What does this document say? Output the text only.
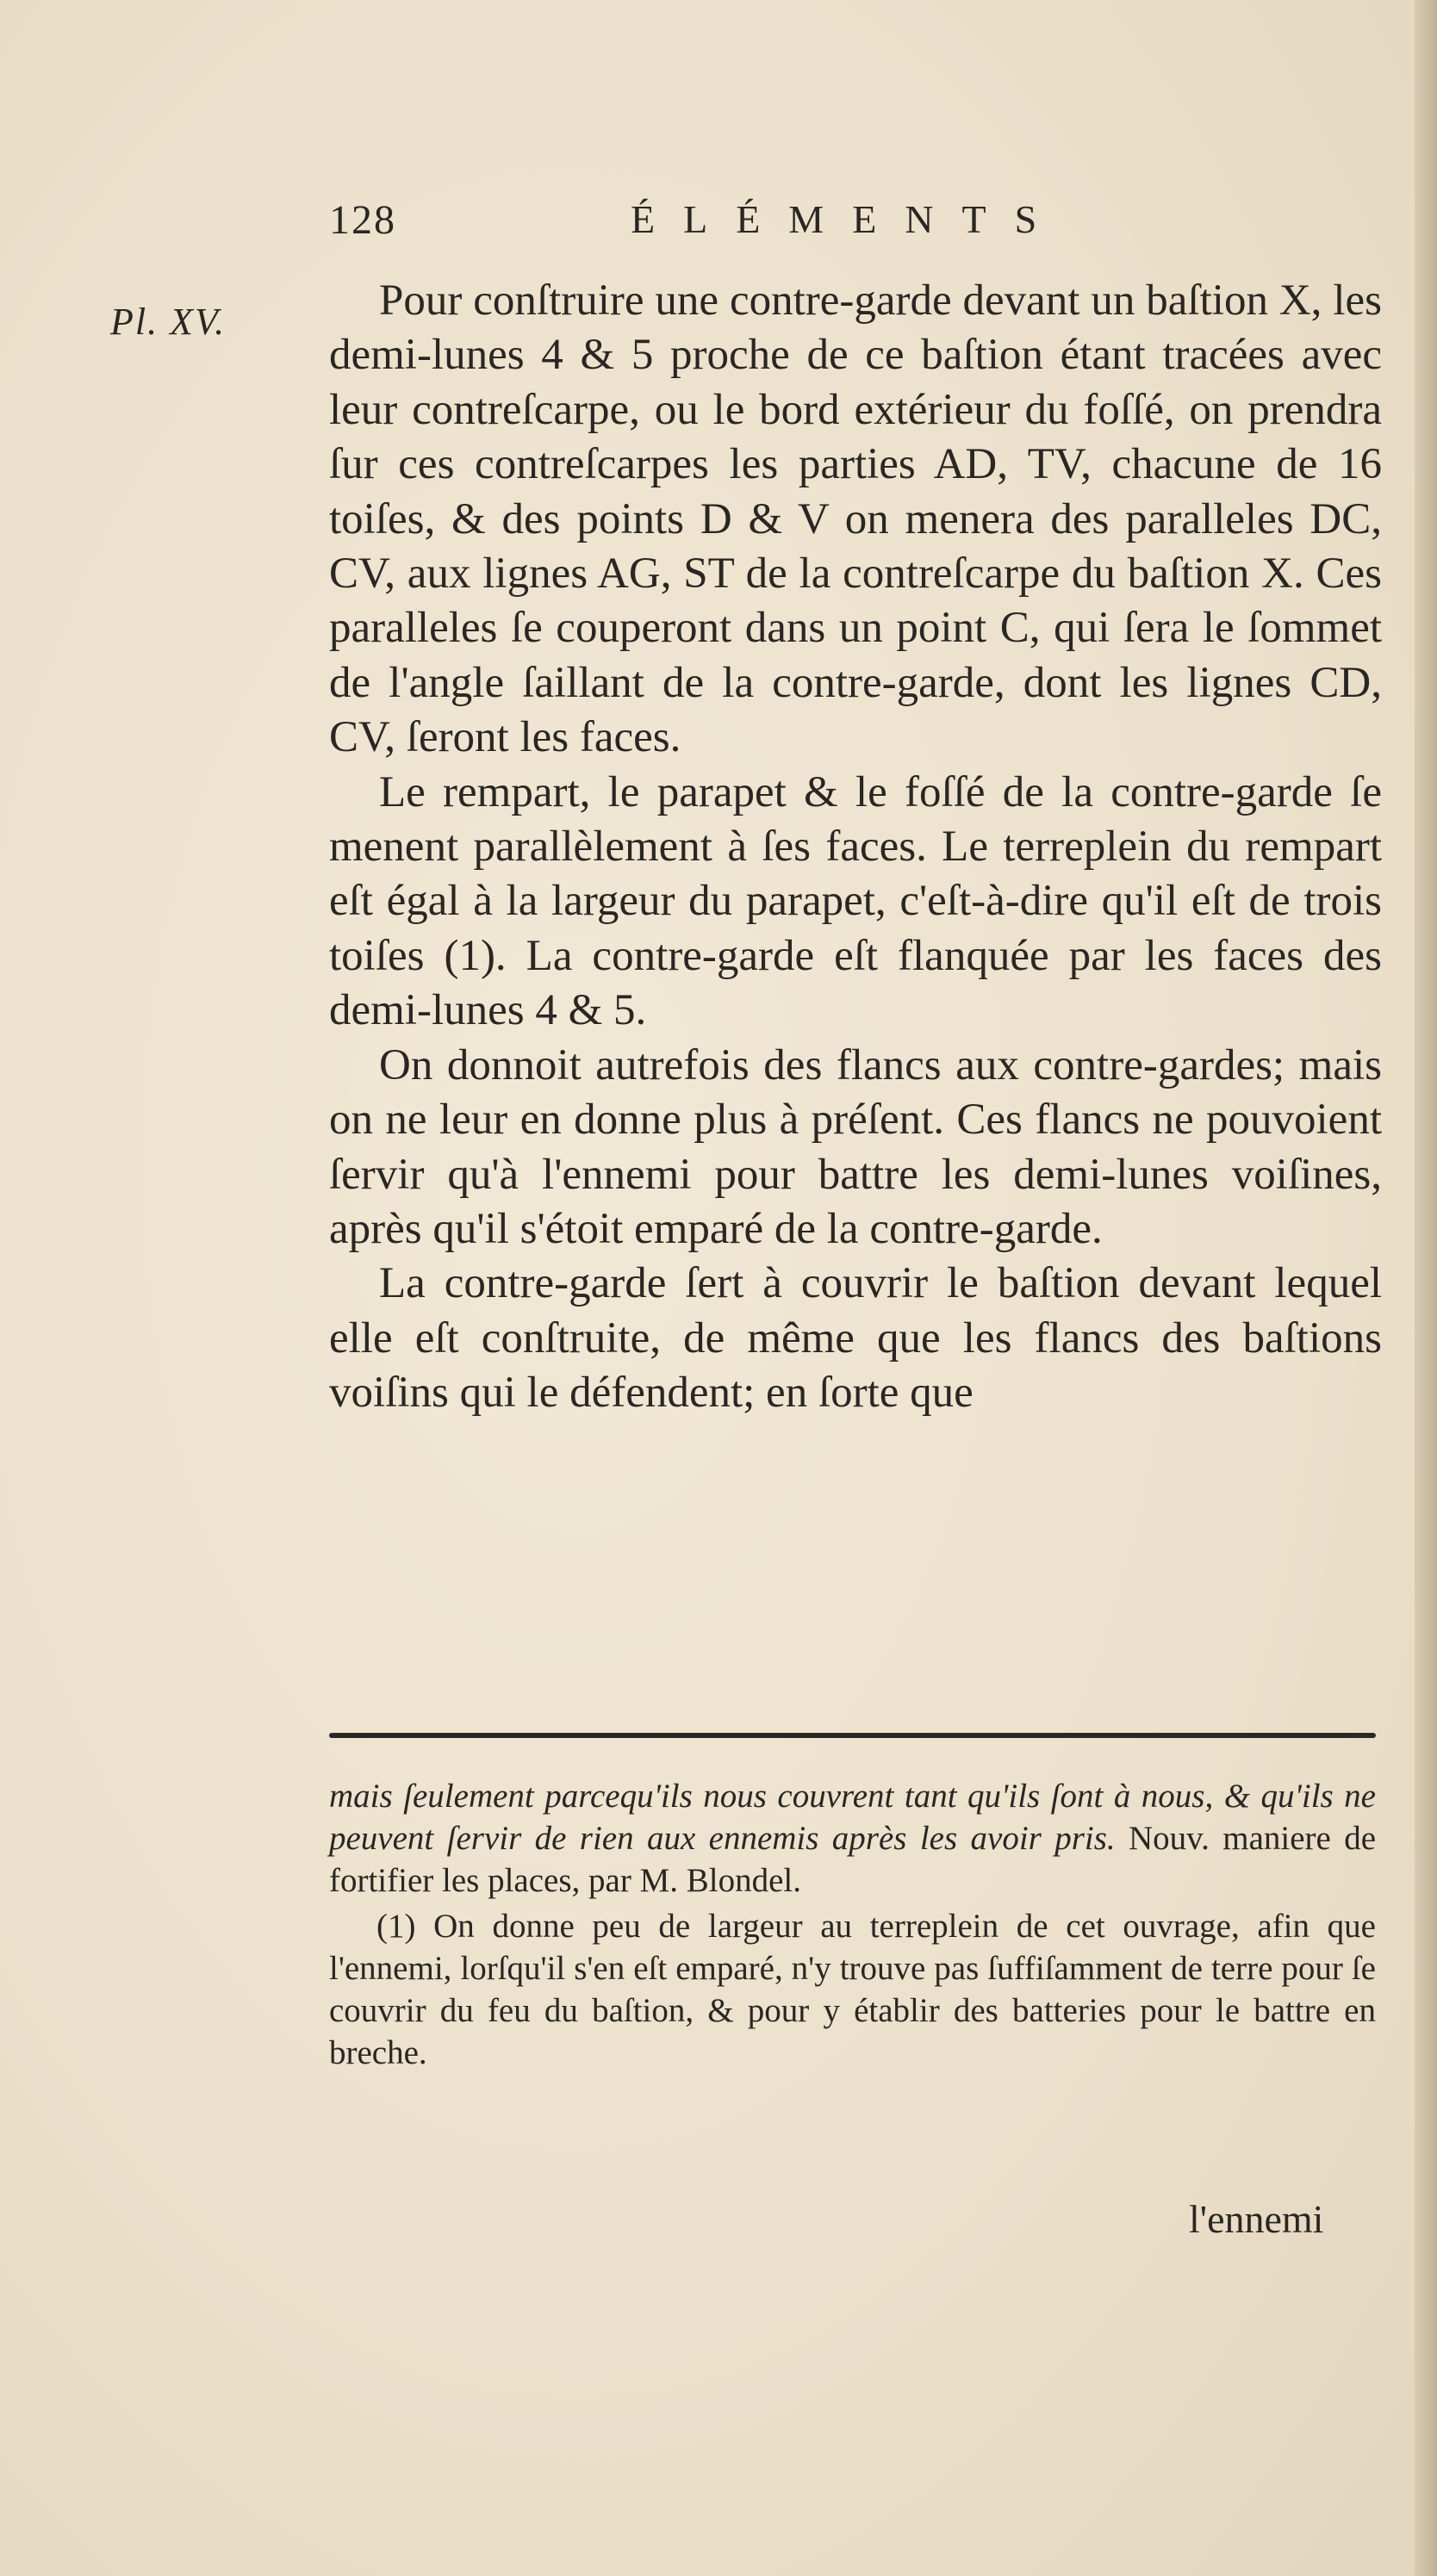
128	ÉLÉMENTS
Pl. XV.	Pour conſtruire une contre-garde devant un baſtion X, les demi-lunes 4 & 5 proche de ce baſtion étant tracées avec leur contreſcarpe, ou le bord extérieur du foſſé, on prendra ſur ces contreſcarpes les parties AD, TV, chacune de 16 toiſes, & des points D & V on menera des paralleles DC, CV, aux lignes AG, ST de la contreſcarpe du baſtion X. Ces paralleles ſe couperont dans un point C, qui ſera le ſommet de l'angle ſaillant de la contre-garde, dont les lignes CD, CV, ſeront les faces.

Le rempart, le parapet & le foſſé de la contre-garde ſe menent parallèlement à ſes faces. Le terreplein du rempart eſt égal à la largeur du parapet, c'eſt-à-dire qu'il eſt de trois toiſes (1). La contre-garde eſt flanquée par les faces des demi-lunes 4 & 5.

On donnoit autrefois des flancs aux contre-gardes; mais on ne leur en donne plus à préſent. Ces flancs ne pouvoient ſervir qu'à l'ennemi pour battre les demi-lunes voiſines, après qu'il s'étoit emparé de la contre-garde.

La contre-garde ſert à couvrir le baſtion devant lequel elle eſt conſtruite, de même que les flancs des baſtions voiſins qui le défendent; en ſorte que

mais ſeulement parcequ'ils nous couvrent tant qu'ils ſont à nous, & qu'ils ne peuvent ſervir de rien aux ennemis après les avoir pris. Nouv. maniere de fortifier les places, par M. Blondel.

(1) On donne peu de largeur au terreplein de cet ouvrage, afin que l'ennemi, lorſqu'il s'en eſt emparé, n'y trouve pas ſuffiſamment de terre pour ſe couvrir du feu du baſtion, & pour y établir des batteries pour le battre en breche.

l'ennemi
